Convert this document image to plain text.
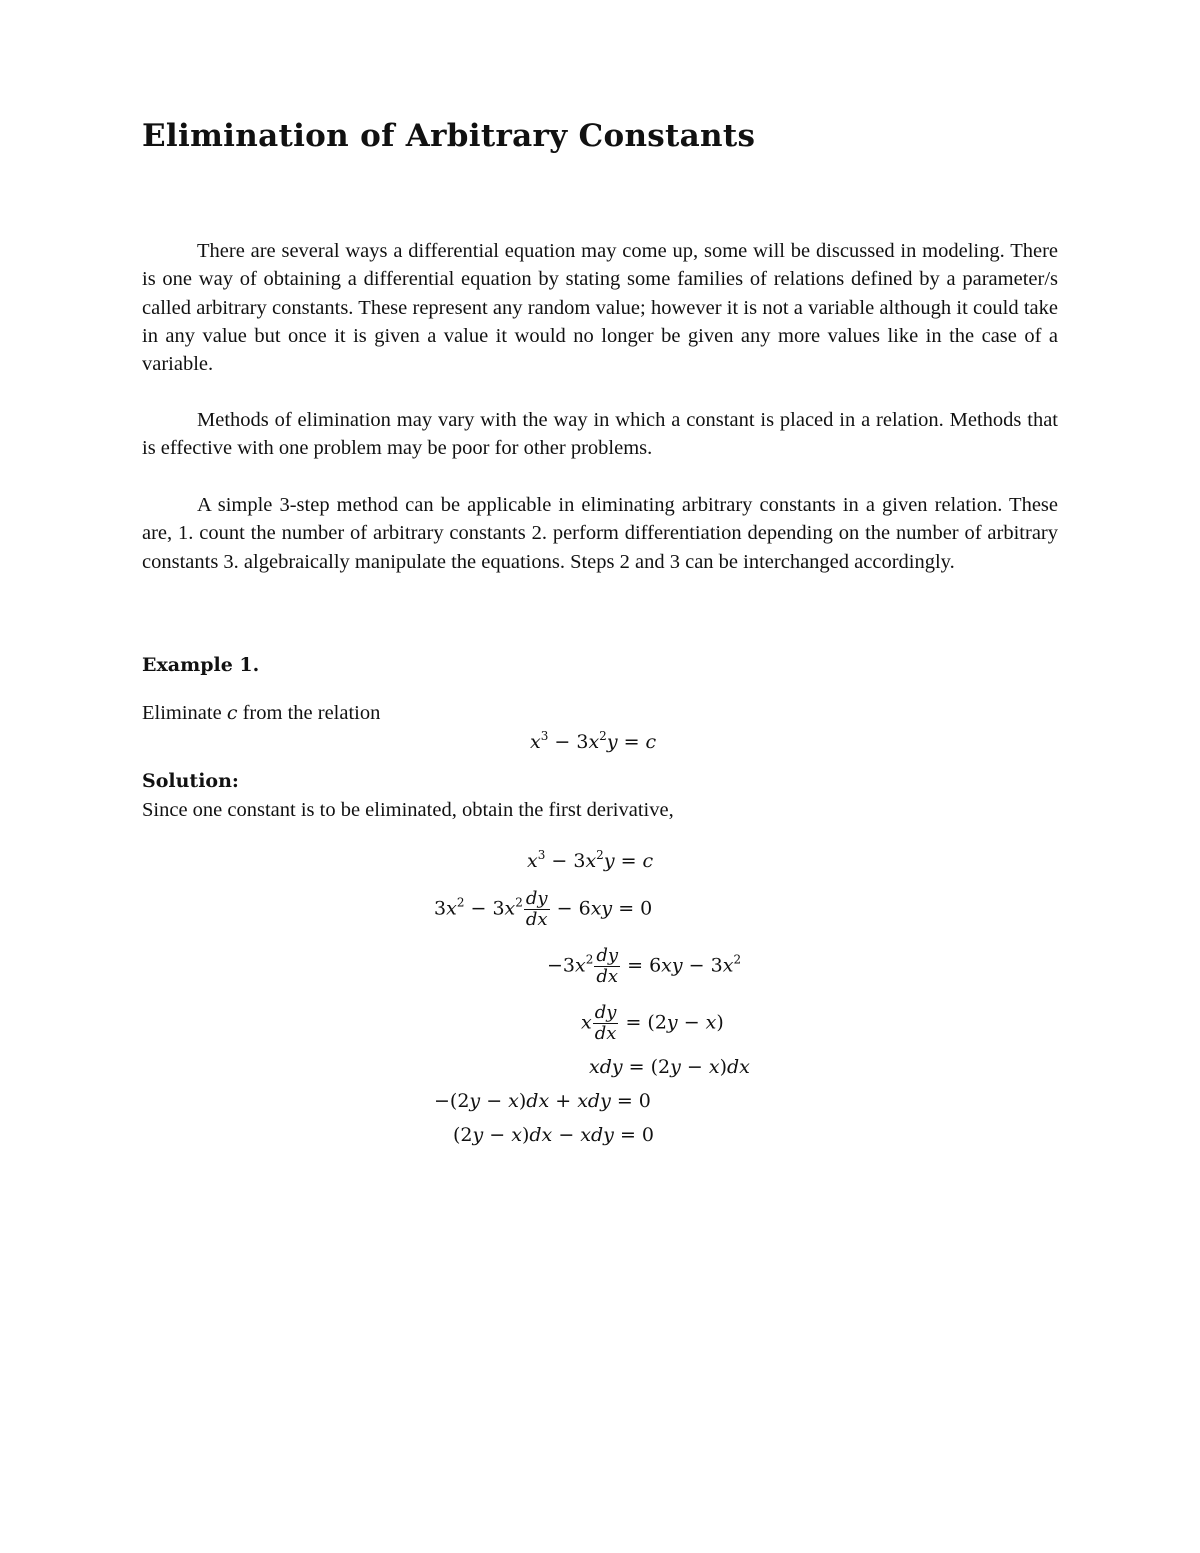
Elimination of Arbitrary Constants

There are several ways a differential equation may come up, some will be discussed in modeling. There is one way of obtaining a differential equation by stating some families of relations defined by a parameter/s called arbitrary constants. These represent any random value; however it is not a variable although it could take in any value but once it is given a value it would no longer be given any more values like in the case of a variable.

Methods of elimination may vary with the way in which a constant is placed in a relation. Methods that is effective with one problem may be poor for other problems.

A simple 3-step method can be applicable in eliminating arbitrary constants in a given relation. These are, 1. count the number of arbitrary constants 2. perform differentiation depending on the number of arbitrary constants 3. algebraically manipulate the equations. Steps 2 and 3 can be interchanged accordingly.

Example 1.
Eliminate c from the relation
$x^3 - 3x^2y = c$
Solution:
Since one constant is to be eliminated, obtain the first derivative,
$x^3 - 3x^2y = c$
$3x^2 - 3x^2 \frac{dy}{dx} - 6xy = 0$
$-3x^2 \frac{dy}{dx} = 6xy - 3x^2$
x $\frac{dy}{dx} = (2y - x)$
xdy = (2y − x)dx
−(2y − x)dx + xdy = 0
(2y − x)dx − xdy = 0
